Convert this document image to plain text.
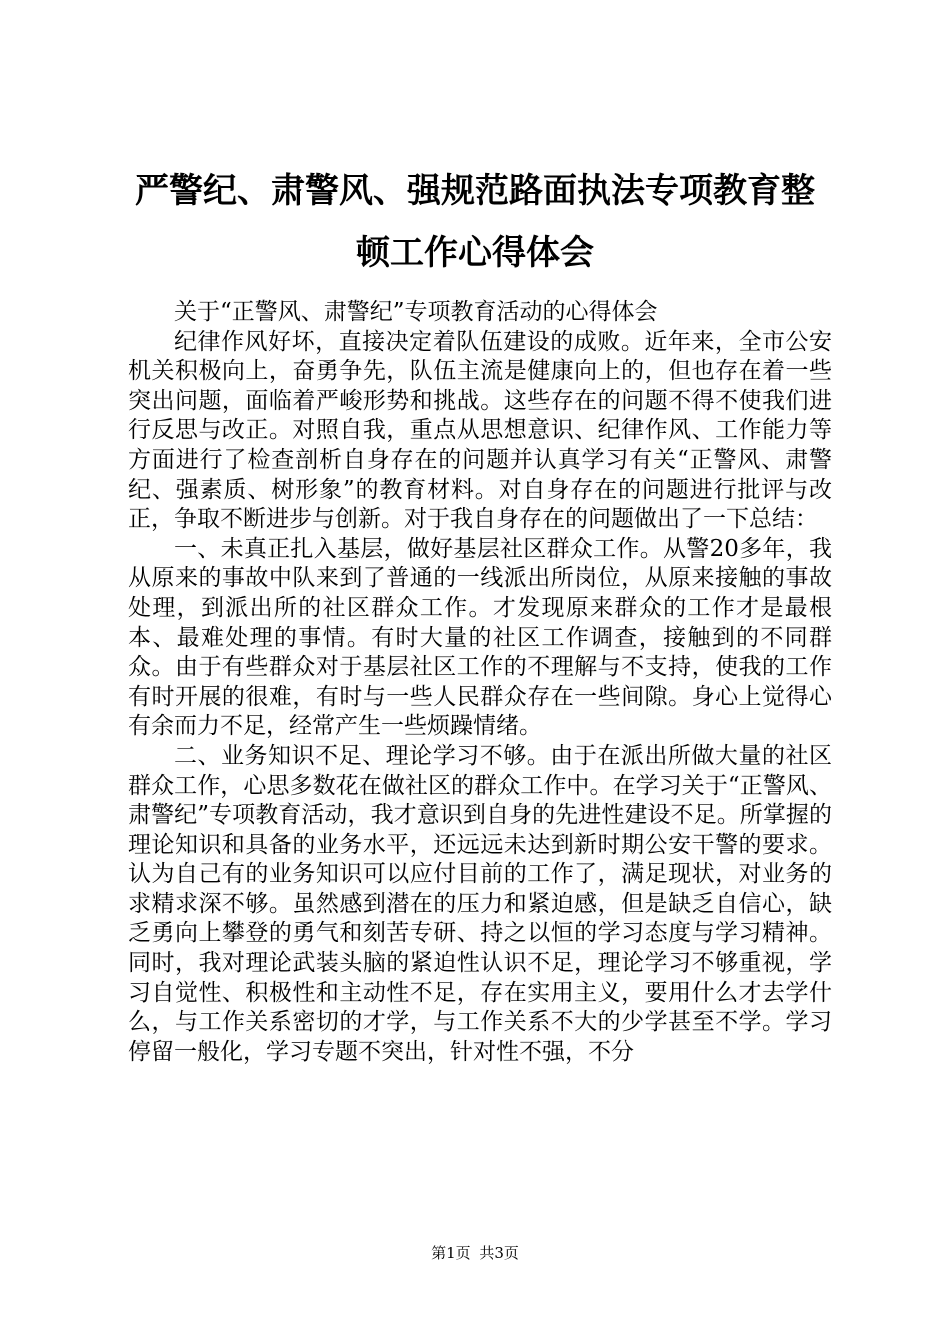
严警纪、肃警风、强规范路面执法专项教育整
顿工作心得体会

关于“正警风、肃警纪”专项教育活动的心得体会

纪律作风好坏，直接决定着队伍建设的成败。近年来，全市公安机关积极向上，奋勇争先，队伍主流是健康向上的，但也存在着一些突出问题，面临着严峻形势和挑战。这些存在的问题不得不使我们进行反思与改正。对照自我，重点从思想意识、纪律作风、工作能力等方面进行了检查剖析自身存在的问题并认真学习有关“正警风、肃警纪、强素质、树形象”的教育材料。对自身存在的问题进行批评与改正，争取不断进步与创新。对于我自身存在的问题做出了一下总结：

一、未真正扎入基层，做好基层社区群众工作。从警20多年，我从原来的事故中队来到了普通的一线派出所岗位，从原来接触的事故处理，到派出所的社区群众工作。才发现原来群众的工作才是最根本、最难处理的事情。有时大量的社区工作调查，接触到的不同群众。由于有些群众对于基层社区工作的不理解与不支持，使我的工作有时开展的很难，有时与一些人民群众存在一些间隙。身心上觉得心有余而力不足，经常产生一些烦躁情绪。

二、业务知识不足、理论学习不够。由于在派出所做大量的社区群众工作，心思多数花在做社区的群众工作中。在学习关于“正警风、肃警纪”专项教育活动，我才意识到自身的先进性建设不足。所掌握的理论知识和具备的业务水平，还远远未达到新时期公安干警的要求。认为自己有的业务知识可以应付目前的工作了，满足现状，对业务的求精求深不够。虽然感到潜在的压力和紧迫感，但是缺乏自信心，缺乏勇向上攀登的勇气和刻苦专研、持之以恒的学习态度与学习精神。同时，我对理论武装头脑的紧迫性认识不足，理论学习不够重视，学习自觉性、积极性和主动性不足，存在实用主义，要用什么才去学什么，与工作关系密切的才学，与工作关系不大的少学甚至不学。学习停留一般化，学习专题不突出，针对性不强，不分

第1页 共3页
